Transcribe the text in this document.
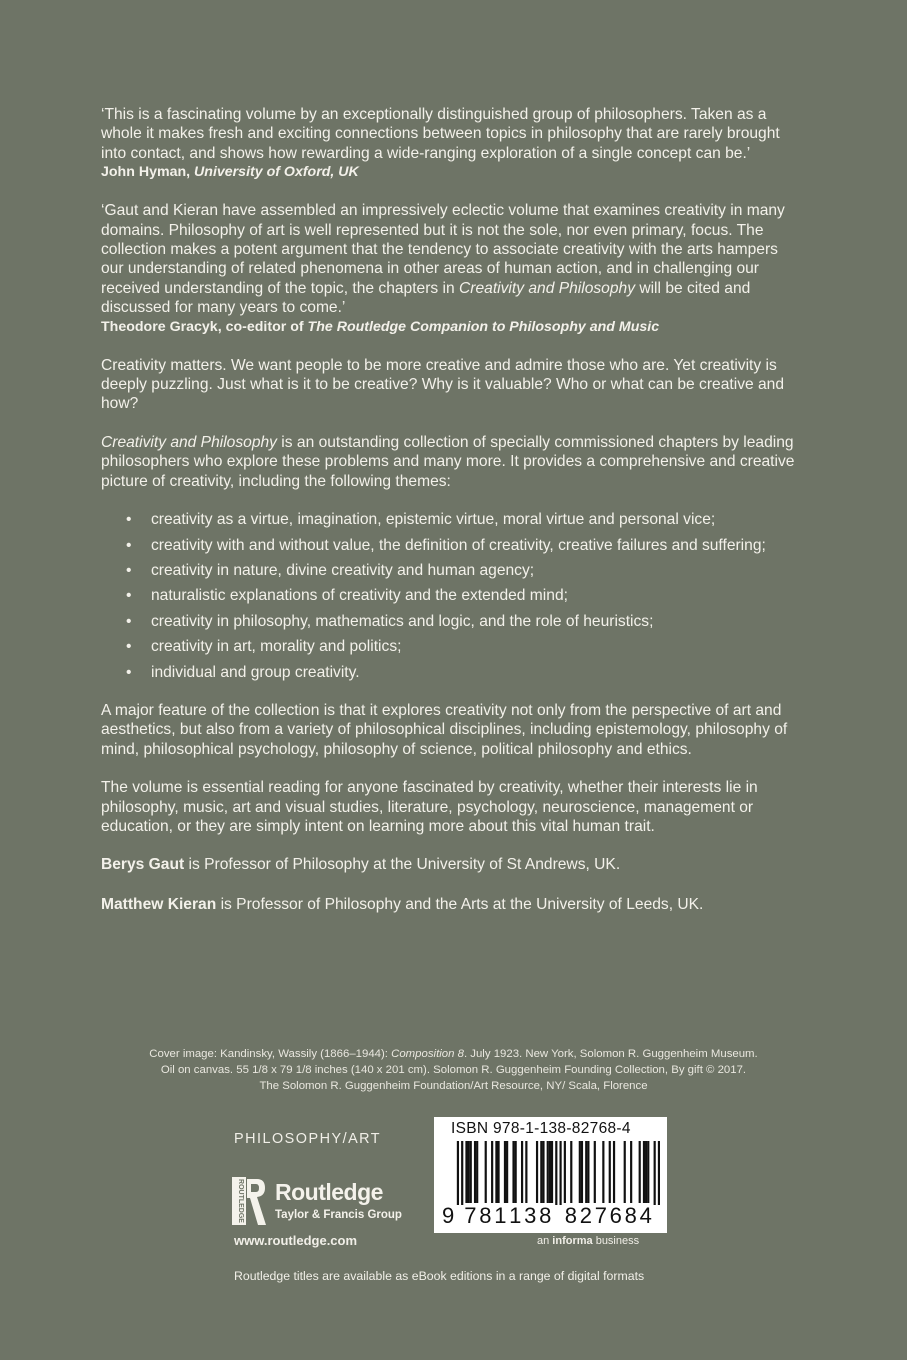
‘This is a fascinating volume by an exceptionally distinguished group of philosophers. Taken as a whole it makes fresh and exciting connections between topics in philosophy that are rarely brought into contact, and shows how rewarding a wide-ranging exploration of a single concept can be.’

John Hyman, University of Oxford, UK

‘Gaut and Kieran have assembled an impressively eclectic volume that examines creativity in many domains. Philosophy of art is well represented but it is not the sole, nor even primary, focus. The collection makes a potent argument that the tendency to associate creativity with the arts hampers our understanding of related phenomena in other areas of human action, and in challenging our received understanding of the topic, the chapters in Creativity and Philosophy will be cited and discussed for many years to come.’

Theodore Gracyk, co-editor of The Routledge Companion to Philosophy and Music

Creativity matters. We want people to be more creative and admire those who are. Yet creativity is deeply puzzling. Just what is it to be creative? Why is it valuable? Who or what can be creative and how?

Creativity and Philosophy is an outstanding collection of specially commissioned chapters by leading philosophers who explore these problems and many more. It provides a comprehensive and creative picture of creativity, including the following themes:

• creativity as a virtue, imagination, epistemic virtue, moral virtue and personal vice;
• creativity with and without value, the definition of creativity, creative failures and suffering;
• creativity in nature, divine creativity and human agency;
• naturalistic explanations of creativity and the extended mind;
• creativity in philosophy, mathematics and logic, and the role of heuristics;
• creativity in art, morality and politics;
• individual and group creativity.

A major feature of the collection is that it explores creativity not only from the perspective of art and aesthetics, but also from a variety of philosophical disciplines, including epistemology, philosophy of mind, philosophical psychology, philosophy of science, political philosophy and ethics.

The volume is essential reading for anyone fascinated by creativity, whether their interests lie in philosophy, music, art and visual studies, literature, psychology, neuroscience, management or education, or they are simply intent on learning more about this vital human trait.

Berys Gaut is Professor of Philosophy at the University of St Andrews, UK.

Matthew Kieran is Professor of Philosophy and the Arts at the University of Leeds, UK.

Cover image: Kandinsky, Wassily (1866–1944): Composition 8. July 1923. New York, Solomon R. Guggenheim Museum.
Oil on canvas. 55 1/8 x 79 1/8 inches (140 x 201 cm). Solomon R. Guggenheim Founding Collection, By gift © 2017.
The Solomon R. Guggenheim Foundation/Art Resource, NY/ Scala, Florence
PHILOSOPHY/ART
ROUTLEDGE Routledge
Taylor & Francis Group
www.routledge.com
ISBN 978-1-138-82768-4
9 7 8 1 1 3 8 8 2 7 6 8 4
an informa business
Routledge titles are available as eBook editions in a range of digital formats
